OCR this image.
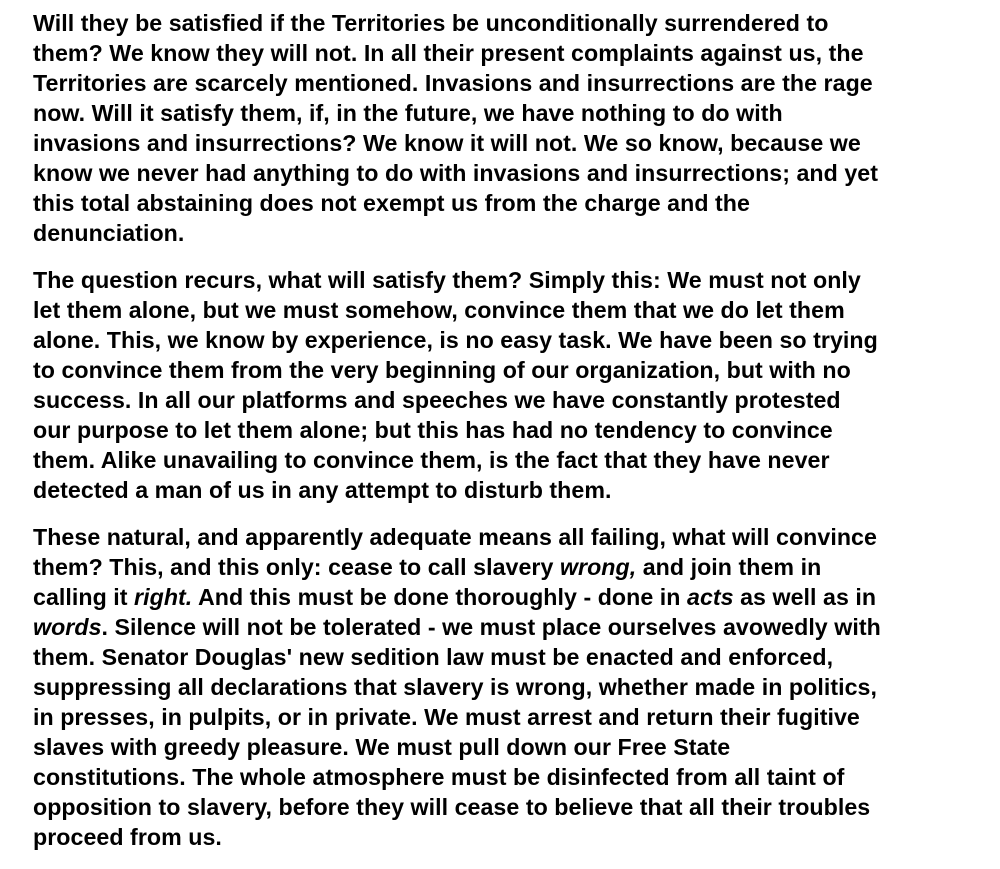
Will they be satisfied if the Territories be unconditionally surrendered to
them? We know they will not. In all their present complaints against us, the
Territories are scarcely mentioned. Invasions and insurrections are the rage
now. Will it satisfy them, if, in the future, we have nothing to do with
invasions and insurrections? We know it will not. We so know, because we
know we never had anything to do with invasions and insurrections; and yet
this total abstaining does not exempt us from the charge and the
denunciation.

The question recurs, what will satisfy them? Simply this: We must not only
let them alone, but we must somehow, convince them that we do let them
alone. This, we know by experience, is no easy task. We have been so trying
to convince them from the very beginning of our organization, but with no
success. In all our platforms and speeches we have constantly protested
our purpose to let them alone; but this has had no tendency to convince
them. Alike unavailing to convince them, is the fact that they have never
detected a man of us in any attempt to disturb them.

These natural, and apparently adequate means all failing, what will convince
them? This, and this only: cease to call slavery wrong, and join them in
calling it right. And this must be done thoroughly - done in acts as well as in
words. Silence will not be tolerated - we must place ourselves avowedly with
them. Senator Douglas' new sedition law must be enacted and enforced,
suppressing all declarations that slavery is wrong, whether made in politics,
in presses, in pulpits, or in private. We must arrest and return their fugitive
slaves with greedy pleasure. We must pull down our Free State
constitutions. The whole atmosphere must be disinfected from all taint of
opposition to slavery, before they will cease to believe that all their troubles
proceed from us.
